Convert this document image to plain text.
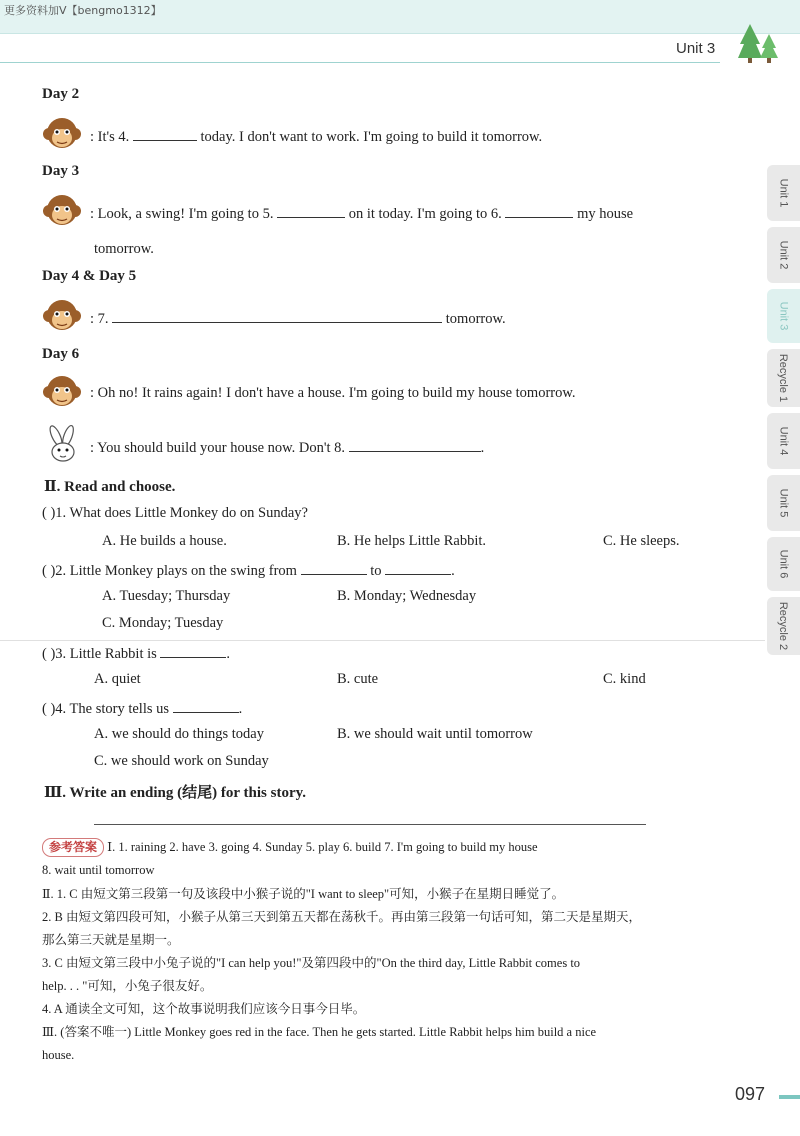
更多资料加V【bengmo1312】
Unit 3
Unit 1
Unit 2
Unit 3
Recycle 1
Unit 4
Unit 5
Unit 6
Recycle 2
Day 2
: It's 4.	today. I don't want to work. I'm going to build it tomorrow.
Day 3
: Look, a swing! I'm going to 5.	on it today. I'm going to 6.	my house
tomorrow.
Day 4 & Day 5
: 7.	tomorrow.
Day 6
: Oh no! It rains again! I don't have a house. I'm going to build my house tomorrow.
: You should build your house now. Don't 8.	.
Ⅱ. Read and choose.
( )1. What does Little Monkey do on Sunday?
A. He builds a house.	B. He helps Little Rabbit.	C. He sleeps.
( )2. Little Monkey plays on the swing from	to	.
A. Tuesday; Thursday	B. Monday; Wednesday
C. Monday; Tuesday
( )3. Little Rabbit is	.
A. quiet	B. cute	C. kind
( )4. The story tells us	.
A. we should do things today	B. we should wait until tomorrow
C. we should work on Sunday
Ⅲ. Write an ending (结尾) for this story.
参考答案 Ⅰ. 1. raining 2. have 3. going 4. Sunday 5. play 6. build 7. I'm going to build my house
8. wait until tomorrow
Ⅱ. 1. C 由短文第三段第一句及该段中小猴子说的"I want to sleep"可知，小猴子在星期日睡觉了。
2. B 由短文第四段可知，小猴子从第三天到第五天都在荡秋千。再由第三段第一句话可知，第二天是星期天，
那么第三天就是星期一。
3. C 由短文第三段中小兔子说的"I can help you!"及第四段中的"On the third day, Little Rabbit comes to
help. . . "可知，小兔子很友好。
4. A 通读全文可知，这个故事说明我们应该今日事今日毕。
Ⅲ. (答案不唯一) Little Monkey goes red in the face. Then he gets started. Little Rabbit helps him build a nice
house.
097
